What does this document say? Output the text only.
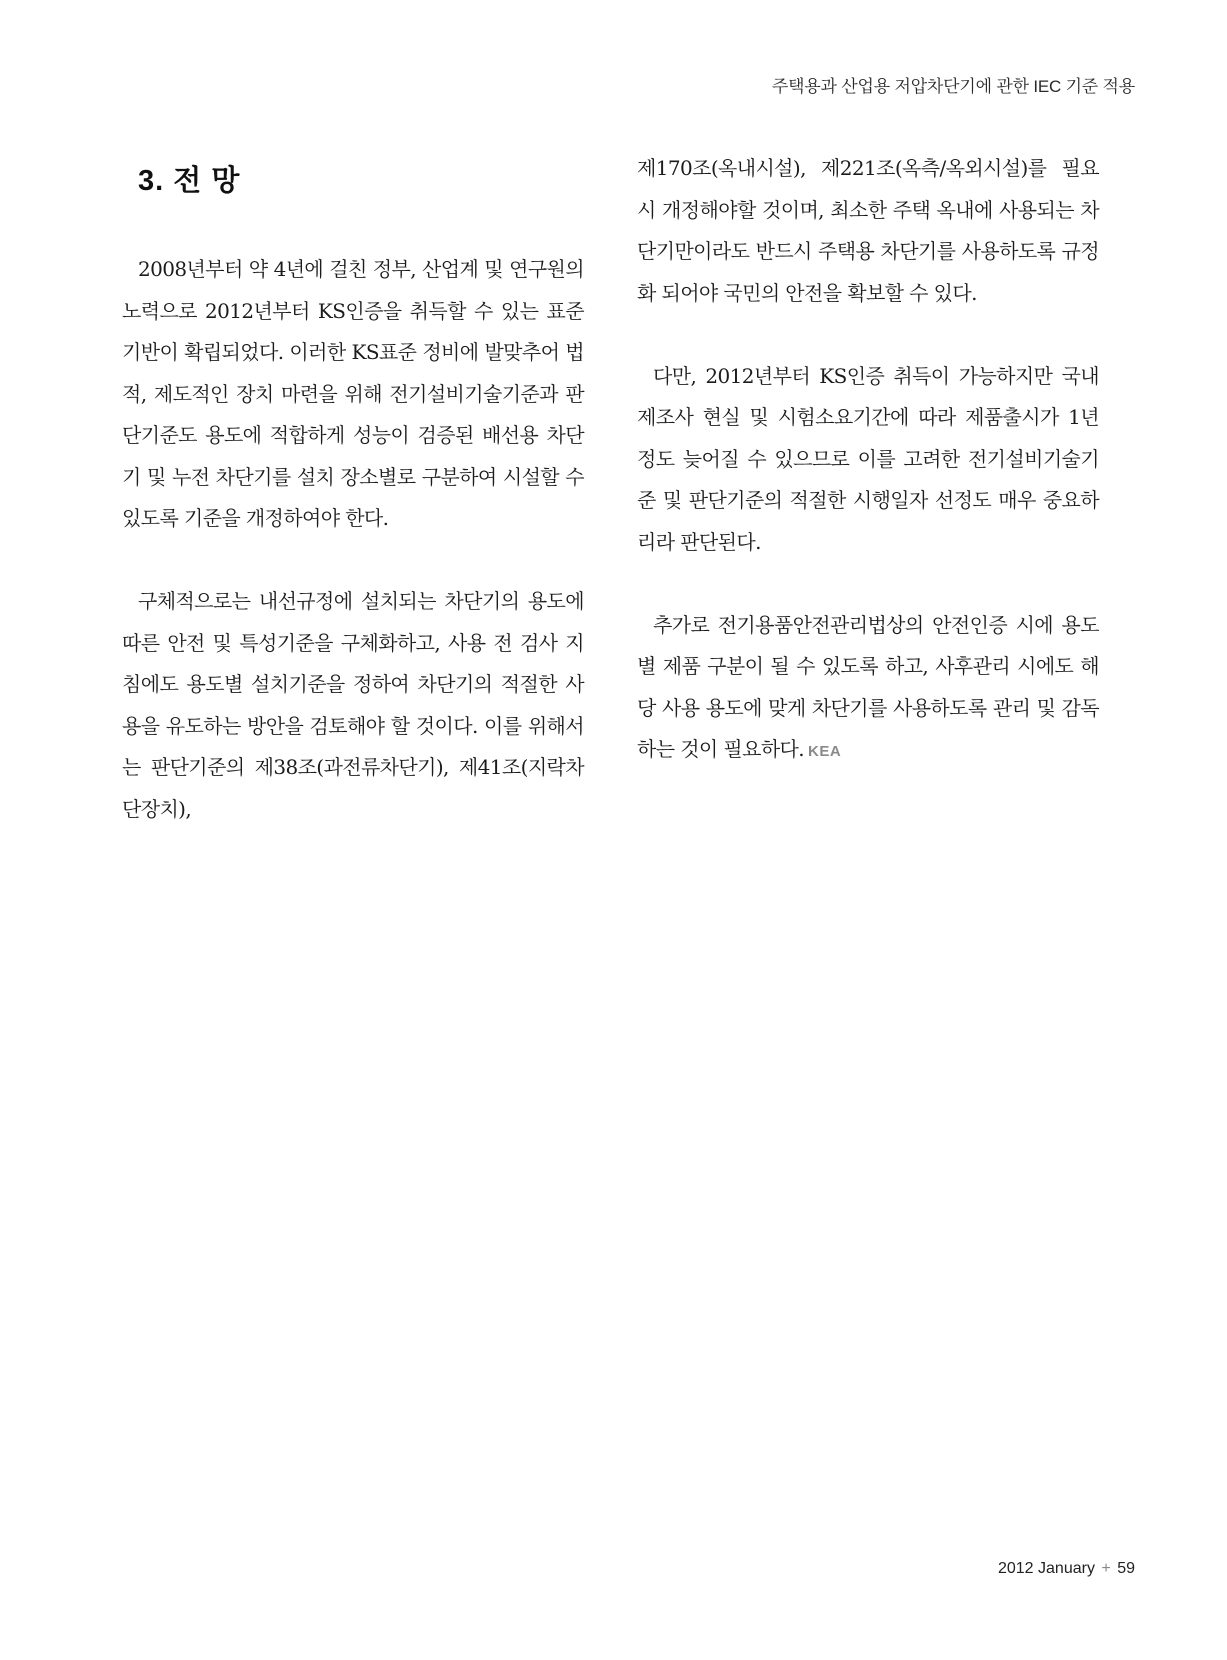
주택용과 산업용 저압차단기에 관한 IEC 기준 적용
3. 전 망

2008년부터 약 4년에 걸친 정부, 산업계 및 연구원의 노력으로 2012년부터 KS인증을 취득할 수 있는 표준 기반이 확립되었다. 이러한 KS표준 정비에 발맞추어 법적, 제도적인 장치 마련을 위해 전기설비기술기준과 판단기준도 용도에 적합하게 성능이 검증된 배선용 차단기 및 누전 차단기를 설치 장소별로 구분하여 시설할 수 있도록 기준을 개정하여야 한다.

구체적으로는 내선규정에 설치되는 차단기의 용도에 따른 안전 및 특성기준을 구체화하고, 사용 전 검사 지침에도 용도별 설치기준을 정하여 차단기의 적절한 사용을 유도하는 방안을 검토해야 할 것이다. 이를 위해서는 판단기준의 제38조(과전류차단기), 제41조(지락차단장치),

제170조(옥내시설), 제221조(옥측/옥외시설)를 필요 시 개정해야할 것이며, 최소한 주택 옥내에 사용되는 차단기만이라도 반드시 주택용 차단기를 사용하도록 규정화 되어야 국민의 안전을 확보할 수 있다.

다만, 2012년부터 KS인증 취득이 가능하지만 국내 제조사 현실 및 시험소요기간에 따라 제품출시가 1년 정도 늦어질 수 있으므로 이를 고려한 전기설비기술기준 및 판단기준의 적절한 시행일자 선정도 매우 중요하리라 판단된다.

추가로 전기용품안전관리법상의 안전인증 시에 용도별 제품 구분이 될 수 있도록 하고, 사후관리 시에도 해당 사용 용도에 맞게 차단기를 사용하도록 관리 및 감독하는 것이 필요하다. KEA

2012 January + 59
